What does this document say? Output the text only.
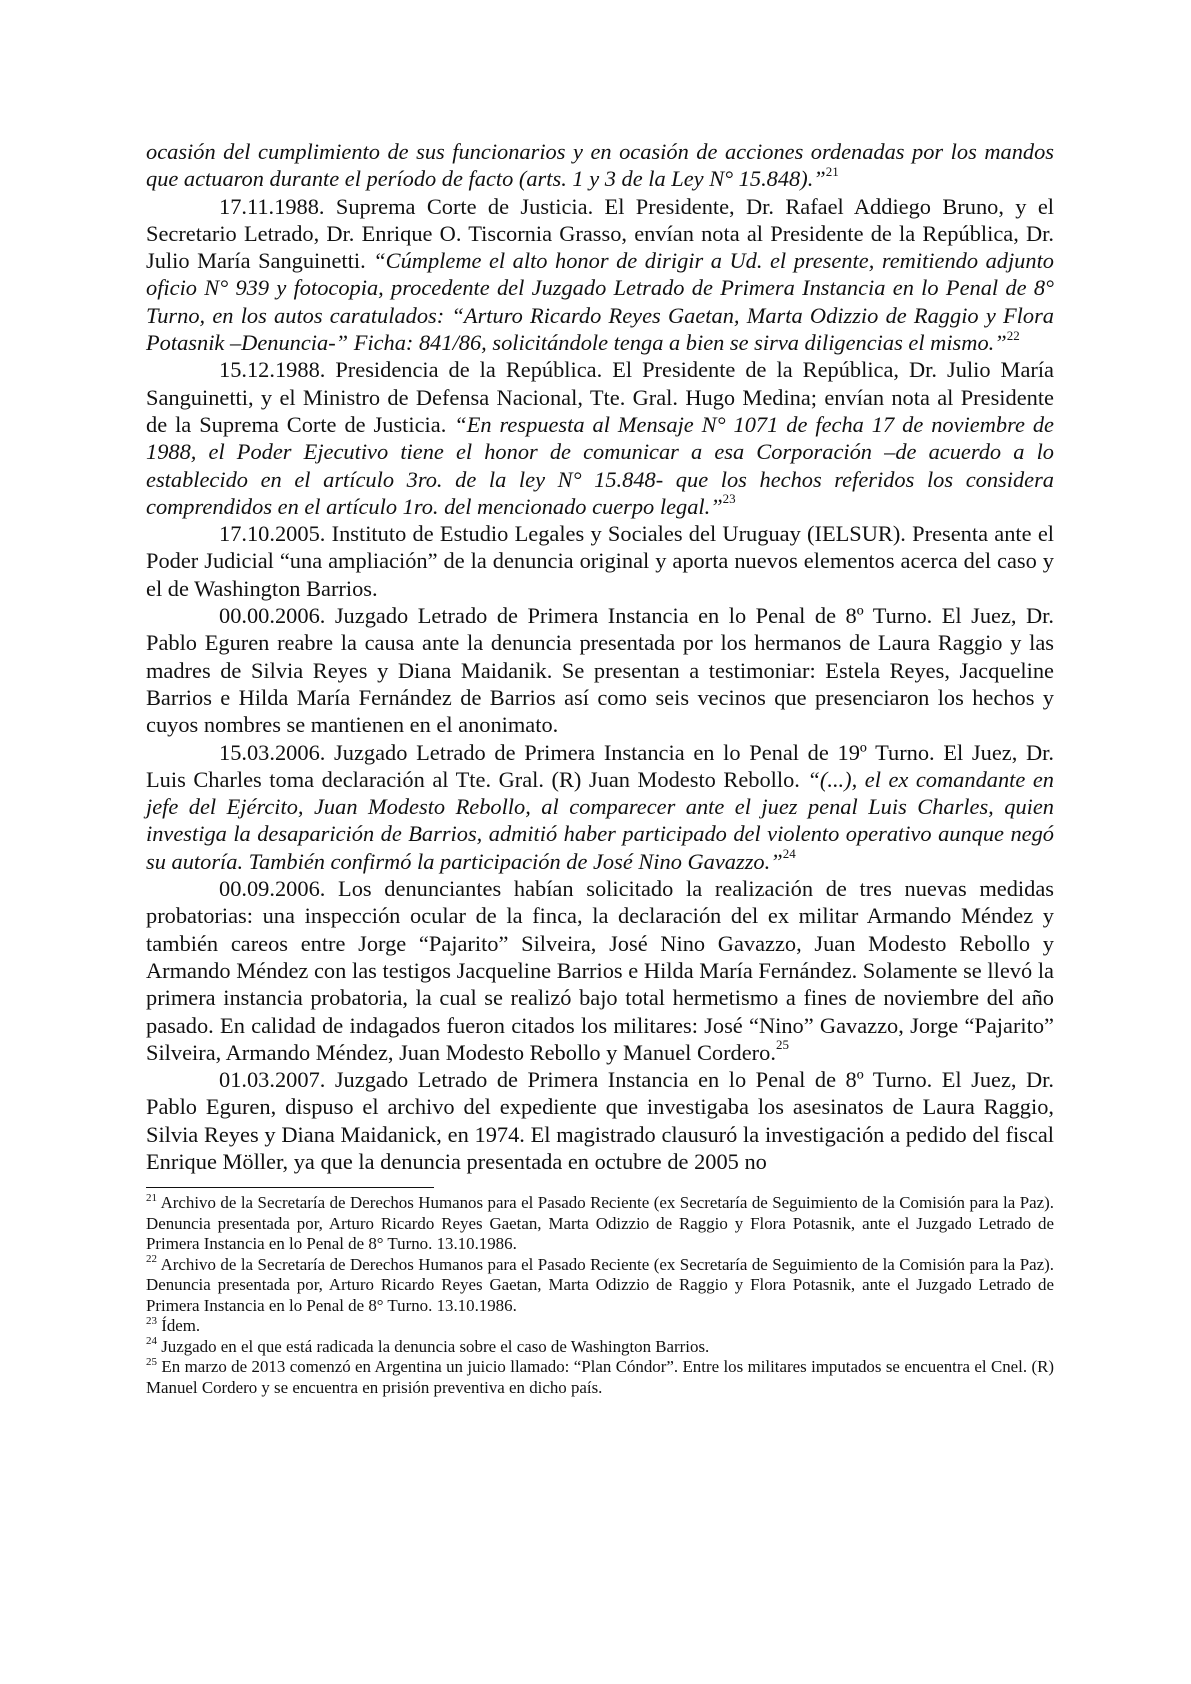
ocasión del cumplimiento de sus funcionarios y en ocasión de acciones ordenadas por los mandos que actuaron durante el período de facto (arts. 1 y 3 de la Ley N° 15.848).”$^{21}$

17.11.1988. Suprema Corte de Justicia. El Presidente, Dr. Rafael Addiego Bruno, y el Secretario Letrado, Dr. Enrique O. Tiscornia Grasso, envían nota al Presidente de la República, Dr. Julio María Sanguinetti. “Cúmpleme el alto honor de dirigir a Ud. el presente, remitiendo adjunto oficio N° 939 y fotocopia, procedente del Juzgado Letrado de Primera Instancia en lo Penal de 8° Turno, en los autos caratulados: “Arturo Ricardo Reyes Gaetan, Marta Odizzio de Raggio y Flora Potasnik –Denuncia-” Ficha: 841/86, solicitándole tenga a bien se sirva diligencias el mismo.”$^{22}$

15.12.1988. Presidencia de la República. El Presidente de la República, Dr. Julio María Sanguinetti, y el Ministro de Defensa Nacional, Tte. Gral. Hugo Medina; envían nota al Presidente de la Suprema Corte de Justicia. “En respuesta al Mensaje N° 1071 de fecha 17 de noviembre de 1988, el Poder Ejecutivo tiene el honor de comunicar a esa Corporación –de acuerdo a lo establecido en el artículo 3ro. de la ley N° 15.848- que los hechos referidos los considera comprendidos en el artículo 1ro. del mencionado cuerpo legal.”$^{23}$

17.10.2005. Instituto de Estudio Legales y Sociales del Uruguay (IELSUR). Presenta ante el Poder Judicial “una ampliación” de la denuncia original y aporta nuevos elementos acerca del caso y el de Washington Barrios.

00.00.2006. Juzgado Letrado de Primera Instancia en lo Penal de 8º Turno. El Juez, Dr. Pablo Eguren reabre la causa ante la denuncia presentada por los hermanos de Laura Raggio y las madres de Silvia Reyes y Diana Maidanik. Se presentan a testimoniar: Estela Reyes, Jacqueline Barrios e Hilda María Fernández de Barrios así como seis vecinos que presenciaron los hechos y cuyos nombres se mantienen en el anonimato.

15.03.2006. Juzgado Letrado de Primera Instancia en lo Penal de 19º Turno. El Juez, Dr. Luis Charles toma declaración al Tte. Gral. (R) Juan Modesto Rebollo. “(...), el ex comandante en jefe del Ejército, Juan Modesto Rebollo, al comparecer ante el juez penal Luis Charles, quien investiga la desaparición de Barrios, admitió haber participado del violento operativo aunque negó su autoría. También confirmó la participación de José Nino Gavazzo.”$^{24}$

00.09.2006. Los denunciantes habían solicitado la realización de tres nuevas medidas probatorias: una inspección ocular de la finca, la declaración del ex militar Armando Méndez y también careos entre Jorge “Pajarito” Silveira, José Nino Gavazzo, Juan Modesto Rebollo y Armando Méndez con las testigos Jacqueline Barrios e Hilda María Fernández. Solamente se llevó la primera instancia probatoria, la cual se realizó bajo total hermetismo a fines de noviembre del año pasado. En calidad de indagados fueron citados los militares: José “Nino” Gavazzo, Jorge “Pajarito” Silveira, Armando Méndez, Juan Modesto Rebollo y Manuel Cordero.$^{25}$

01.03.2007. Juzgado Letrado de Primera Instancia en lo Penal de 8º Turno. El Juez, Dr. Pablo Eguren, dispuso el archivo del expediente que investigaba los asesinatos de Laura Raggio, Silvia Reyes y Diana Maidanick, en 1974. El magistrado clausuró la investigación a pedido del fiscal Enrique Möller, ya que la denuncia presentada en octubre de 2005 no

$^{21}$ Archivo de la Secretaría de Derechos Humanos para el Pasado Reciente (ex Secretaría de Seguimiento de la Comisión para la Paz). Denuncia presentada por, Arturo Ricardo Reyes Gaetan, Marta Odizzio de Raggio y Flora Potasnik, ante el Juzgado Letrado de Primera Instancia en lo Penal de 8° Turno. 13.10.1986.

$^{22}$ Archivo de la Secretaría de Derechos Humanos para el Pasado Reciente (ex Secretaría de Seguimiento de la Comisión para la Paz). Denuncia presentada por, Arturo Ricardo Reyes Gaetan, Marta Odizzio de Raggio y Flora Potasnik, ante el Juzgado Letrado de Primera Instancia en lo Penal de 8° Turno. 13.10.1986.

$^{23}$ Ídem.

$^{24}$ Juzgado en el que está radicada la denuncia sobre el caso de Washington Barrios.

$^{25}$ En marzo de 2013 comenzó en Argentina un juicio llamado: “Plan Cóndor”. Entre los militares imputados se encuentra el Cnel. (R) Manuel Cordero y se encuentra en prisión preventiva en dicho país.
